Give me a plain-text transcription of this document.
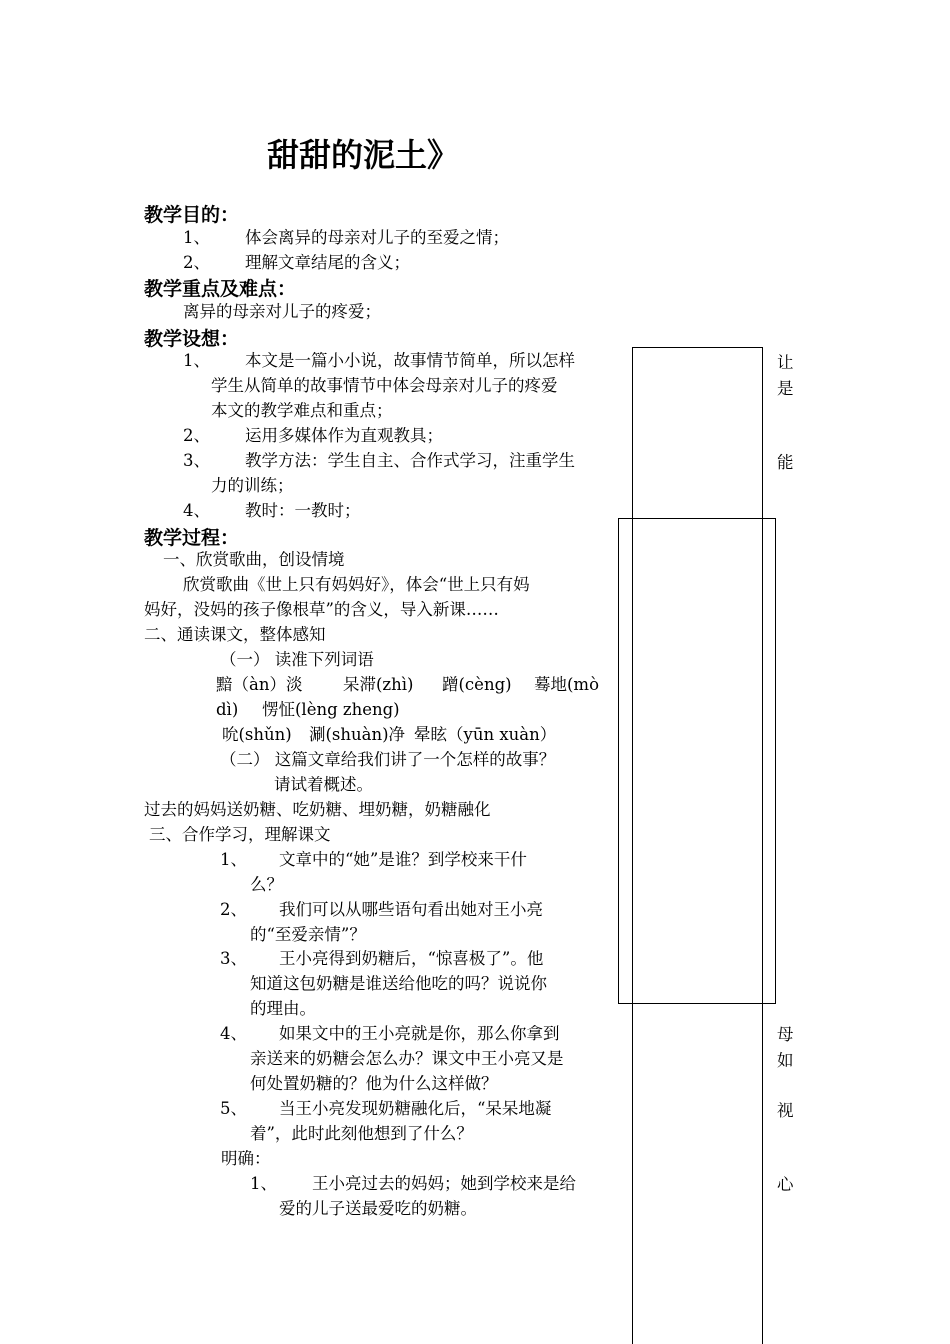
甜甜的泥土》
教学目的：
1、 体会离异的母亲对儿子的至爱之情；
2、 理解文章结尾的含义；
教学重点及难点：
离异的母亲对儿子的疼爱；
教学设想：
1、 本文是一篇小小说，故事情节简单，所以怎样
学生从简单的故事情节中体会母亲对儿子的疼爱
本文的教学难点和重点；
2、 运用多媒体作为直观教具；
3、 教学方法：学生自主、合作式学习，注重学生
力的训练；
4、 教时：一教时；
教学过程：
一、欣赏歌曲，创设情境
欣赏歌曲《世上只有妈妈好》，体会“世上只有妈
妈好，没妈的孩子像根草”的含义，导入新课……
二、通读课文，整体感知
（一） 读准下列词语
黯（àn）淡 呆滞(zhì) 蹭(cèng) 蓦地(mò
dì) 愣怔(lèng zheng)
吮(shǔn) 涮(shuàn)净 晕眩（yūn xuàn）
（二） 这篇文章给我们讲了一个怎样的故事？
请试着概述。
过去的妈妈送奶糖、吃奶糖、埋奶糖，奶糖融化
三、合作学习，理解课文
1、 文章中的“她”是谁？到学校来干什
么？
2、 我们可以从哪些语句看出她对王小亮
的“至爱亲情”？
3、 王小亮得到奶糖后，“惊喜极了”。他
知道这包奶糖是谁送给他吃的吗？说说你
的理由。
4、 如果文中的王小亮就是你，那么你拿到
亲送来的奶糖会怎么办？课文中王小亮又是
何处置奶糖的？他为什么这样做？
5、 当王小亮发现奶糖融化后，“呆呆地凝
着”，此时此刻他想到了什么？
明确：
1、 王小亮过去的妈妈；她到学校来是给
爱的儿子送最爱吃的奶糖。
让
是
能
母
如
视
心
